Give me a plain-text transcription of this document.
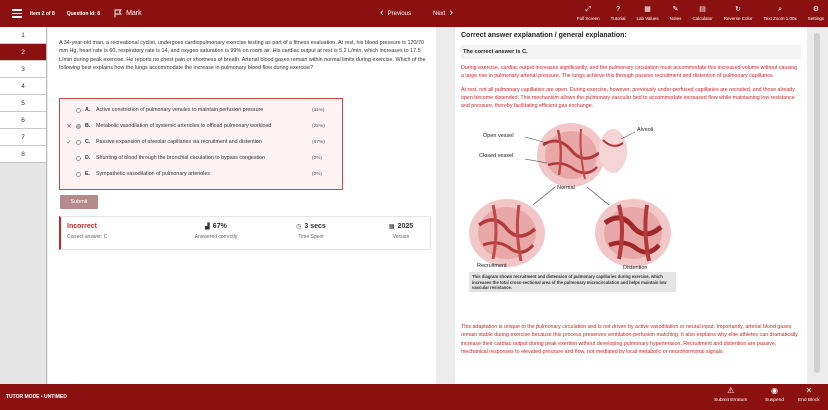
Item 2 of 8 Question Id: 8	Mark	‹ Previous	Next ›	⤢
Full Screen
?
Tutorial
▦
Lab Values
✎
Notes
▤
Calculator
↻
Reverse Color
⌕
Text Zoom 1.00x
⚙
Settings
1
2
3
4
5
6
7
8
A 34-year-old man, a recreational cyclist, undergoes cardiopulmonary exercise testing as part of a fitness evaluation. At rest, his blood pressure is 120/70 mm Hg, heart rate is 60, respiratory rate is 14, and oxygen saturation is 99% on room air. His cardiac output at rest is 5.2 L/min, which increases to 17.5 L/min during peak exercise. He reports no chest pain or shortness of breath. Arterial blood gases remain within normal limits during exercise. Which of the following best explains how the lungs accommodate the increase in pulmonary blood flow during exercise?
A.	Active constriction of pulmonary venules to maintain perfusion pressure	(11%)
✕	B.	Metabolic vasodilation of systemic arterioles to offload pulmonary workload	(22%)
✓	C.	Passive expansion of alveolar capillaries via recruitment and distention	(67%)
D.	Shunting of blood through the bronchial circulation to bypass congestion	(0%)
E.	Sympathetic vasodilation of pulmonary arterioles	(0%)
Submit
Incorrect
Correct answer: C
▟ 67%
Answered correctly
◷ 3 secs
Time Spent
▦ 2025
Version
Correct answer explanation / general explanation:
The correct answer is C.
During exercise, cardiac output increases significantly, and the pulmonary circulation must accommodate this increased volume without causing a large rise in pulmonary arterial pressure. The lungs achieve this through passive recruitment and distention of pulmonary capillaries.
At rest, not all pulmonary capillaries are open. During exercise, however, previously under-perfused capillaries are recruited, and those already open become distended. This mechanism allows the pulmonary vascular bed to accommodate increased flow while maintaining low resistance and pressure, thereby facilitating efficient gas exchange.
Open vessel
Closed vessel
Normal
Alveoli
Recruitment	Distention
This diagram shows recruitment and distension of pulmonary capillaries during exercise, which increases the total cross-sectional area of the pulmonary microcirculation and helps maintain low vascular resistance.
This adaptation is unique to the pulmonary circulation and is not driven by active vasodilation or neural input. Importantly, arterial blood gases remain stable during exercise because this process preserves ventilation-perfusion matching. It also explains why elite athletes can dramatically increase their cardiac output during peak exertion without developing pulmonary hypertension. Recruitment and distention are passive, mechanical responses to elevated pressure and flow, not mediated by local metabolic or neurohormonal signals.
TUTOR MODE • UNTIMED
⚠
Submit Erratum
◉
Suspend
✕
End Block
